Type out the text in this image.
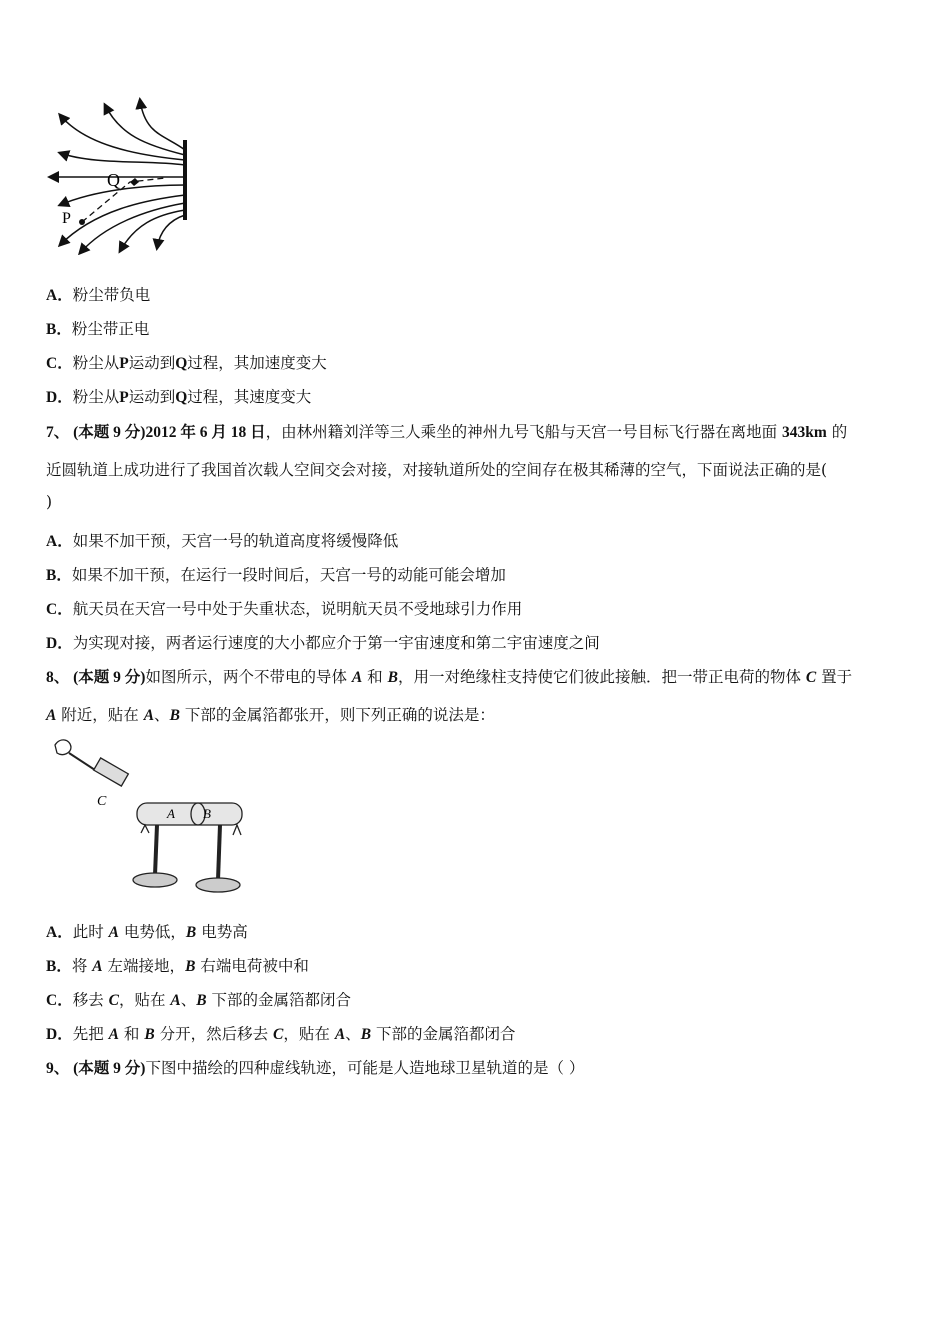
Q
P
A．粉尘带负电
B．粉尘带正电
C．粉尘从P运动到Q过程，其加速度变大
D．粉尘从P运动到Q过程，其速度变大
7、 (本题 9 分)2012 年 6 月 18 日，由林州籍刘洋等三人乘坐的神州九号飞船与天宫一号目标飞行器在离地面 343km 的
近圆轨道上成功进行了我国首次载人空间交会对接，对接轨道所处的空间存在极其稀薄的空气，下面说法正确的是(
)
A．如果不加干预，天宫一号的轨道高度将缓慢降低
B．如果不加干预，在运行一段时间后，天宫一号的动能可能会增加
C．航天员在天宫一号中处于失重状态，说明航天员不受地球引力作用
D．为实现对接，两者运行速度的大小都应介于第一宇宙速度和第二宇宙速度之间
8、 (本题 9 分)如图所示，两个不带电的导体 A 和 B，用一对绝缘柱支持使它们彼此接触．把一带正电荷的物体 C 置于
A 附近，贴在 A、B 下部的金属箔都张开，则下列正确的说法是：
C
A B
A．此时 A 电势低，B 电势高
B．将 A 左端接地，B 右端电荷被中和
C．移去 C，贴在 A、B 下部的金属箔都闭合
D．先把 A 和 B 分开，然后移去 C，贴在 A、B 下部的金属箔都闭合
9、 (本题 9 分)下图中描绘的四种虚线轨迹，可能是人造地球卫星轨道的是（ ）
